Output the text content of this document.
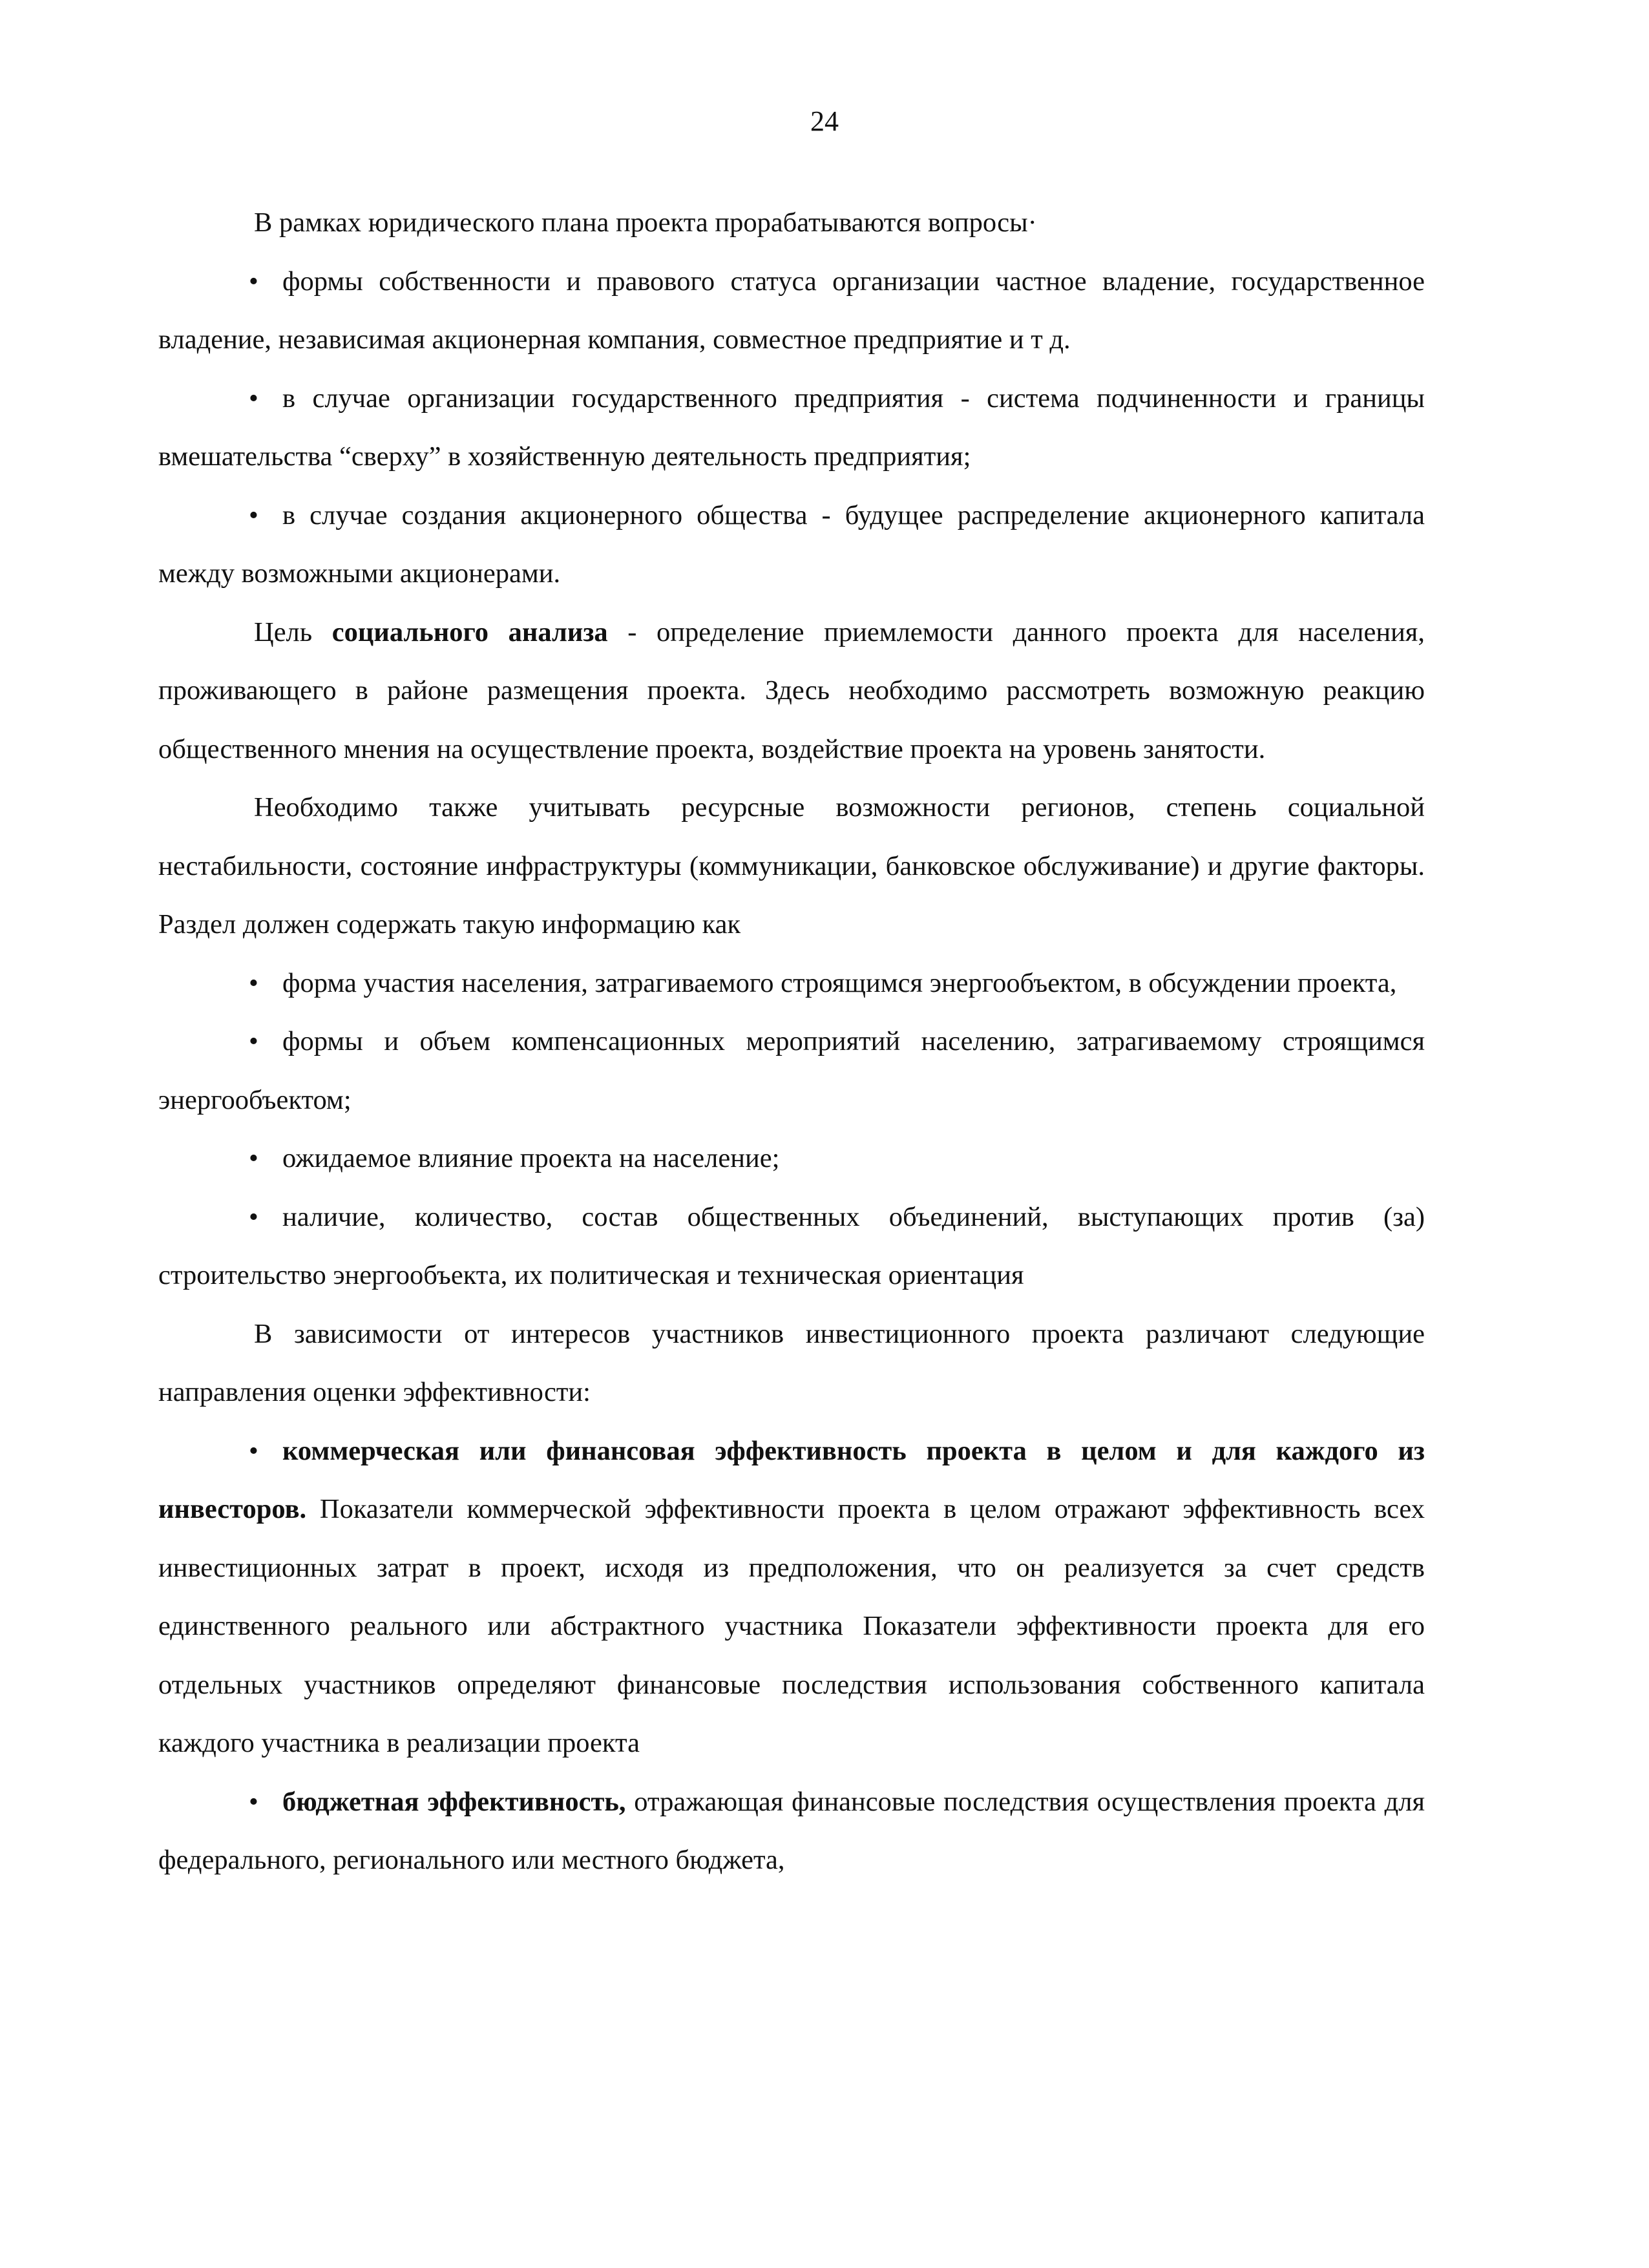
24

В рамках юридического плана проекта прорабатываются вопросы·

• формы собственности и правового статуса организации частное владение, государственное владение, независимая акционерная компания, совместное предприятие и т д.

• в случае организации государственного предприятия - система подчиненности и границы вмешательства “сверху” в хозяйственную деятельность предприятия;

• в случае создания акционерного общества - будущее распределение акционерного капитала между возможными акционерами.

Цель социального анализа - определение приемлемости данного проекта для населения, проживающего в районе размещения проекта. Здесь необходимо рассмотреть возможную реакцию общественного мнения на осуществление проекта, воздействие проекта на уровень занятости.

Необходимо также учитывать ресурсные возможности регионов, степень социальной нестабильности, состояние инфраструктуры (коммуникации, банковское обслуживание) и другие факторы. Раздел должен содержать такую информацию как

• форма участия населения, затрагиваемого строящимся энергообъектом, в обсуждении проекта,

• формы и объем компенсационных мероприятий населению, затрагиваемому строящимся энергообъектом;

• ожидаемое влияние проекта на население;

• наличие, количество, состав общественных объединений, выступающих против (за) строительство энергообъекта, их политическая и техническая ориентация

В зависимости от интересов участников инвестиционного проекта различают следующие направления оценки эффективности:

• коммерческая или финансовая эффективность проекта в целом и для каждого из инвесторов. Показатели коммерческой эффективности проекта в целом отражают эффективность всех инвестиционных затрат в проект, исходя из предположения, что он реализуется за счет средств единственного реального или абстрактного участника Показатели эффективности проекта для его отдельных участников определяют финансовые последствия использования собственного капитала каждого участника в реализации проекта

• бюджетная эффективность, отражающая финансовые последствия осуществления проекта для федерального, регионального или местного бюджета,
